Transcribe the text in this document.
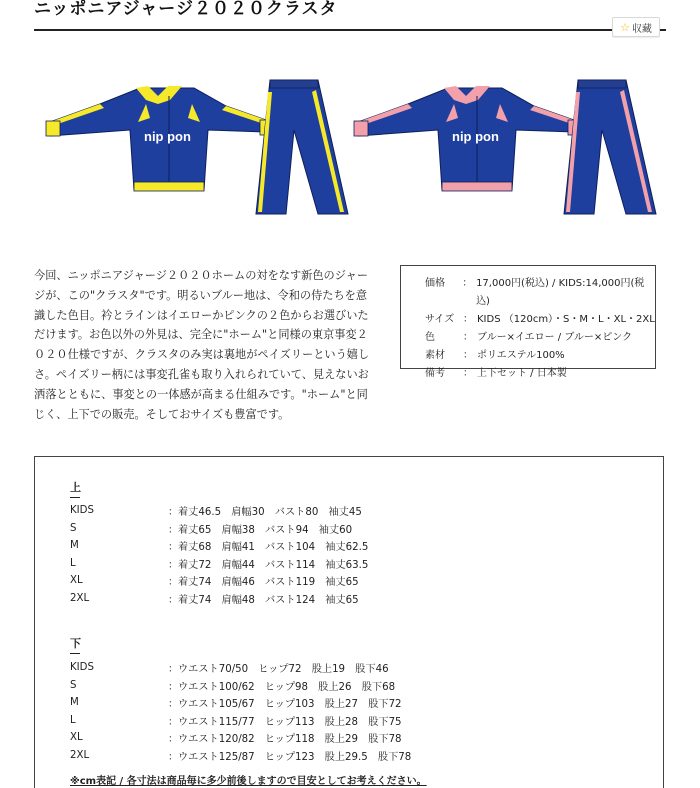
ニッポニアジャージ２０２０クラスタ
☆ 収藏
nip pon	nip pon

今回、ニッポニアジャージ２０２０ホームの対をなす新色のジャージが、この"クラスタ"です。明るいブルー地は、令和の侍たちを意識した色目。衿とラインはイエローかピンクの２色からお選びいただけます。お色以外の外見は、完全に"ホーム"と同様の東京事変２０２０仕様ですが、クラスタのみ実は裏地がペイズリーという嬉しさ。ペイズリー柄には事変孔雀も取り入れられていて、見えないお洒落とともに、事変との一体感が高まる仕組みです。"ホーム"と同じく、上下での販売。そしておサイズも豊富です。

価格	： 17,000円(税込) / KIDS:14,000円(税込)
サイズ ： KIDS （120cm）・S・M・L・XL・2XL
色	： ブルー×イエロー / ブルー×ピンク
素材	： ポリエステル100%
備考	： 上下セット / 日本製
上
KIDS	： 着丈46.5　肩幅30　バスト80　袖丈45
S	： 着丈65　肩幅38　バスト94　袖丈60
M	： 着丈68　肩幅41　バスト104　袖丈62.5
L	： 着丈72　肩幅44　バスト114　袖丈63.5
XL	： 着丈74　肩幅46　バスト119　袖丈65
2XL	： 着丈74　肩幅48　バスト124　袖丈65
下
KIDS	： ウエスト70/50　ヒップ72　股上19　股下46
S	： ウエスト100/62　ヒップ98　股上26　股下68
M	： ウエスト105/67　ヒップ103　股上27　股下72
L	： ウエスト115/77　ヒップ113　股上28　股下75
XL	： ウエスト120/82　ヒップ118　股上29　股下78
2XL	： ウエスト125/87　ヒップ123　股上29.5　股下78
※cm表記 / 各寸法は商品毎に多少前後しますので目安としてお考えください。
